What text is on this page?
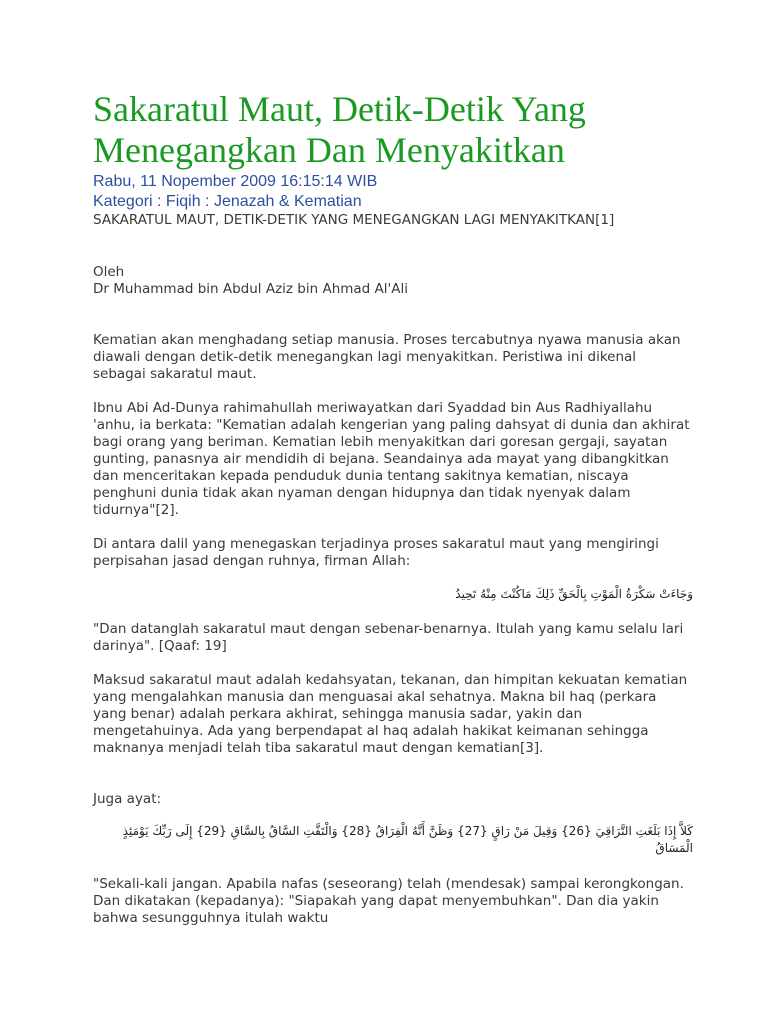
Sakaratul Maut, Detik-Detik Yang Menegangkan Dan Menyakitkan
Rabu, 11 Nopember 2009 16:15:14 WIB
Kategori : Fiqih : Jenazah & Kematian

SAKARATUL MAUT, DETIK-DETIK YANG MENEGANGKAN LAGI MENYAKITKAN[1]

Oleh

Dr Muhammad bin Abdul Aziz bin Ahmad Al'Ali

Kematian akan menghadang setiap manusia. Proses tercabutnya nyawa manusia akan diawali dengan detik-detik menegangkan lagi menyakitkan. Peristiwa ini dikenal sebagai sakaratul maut.

Ibnu Abi Ad-Dunya rahimahullah meriwayatkan dari Syaddad bin Aus Radhiyallahu 'anhu, ia berkata: "Kematian adalah kengerian yang paling dahsyat di dunia dan akhirat bagi orang yang beriman. Kematian lebih menyakitkan dari goresan gergaji, sayatan gunting, panasnya air mendidih di bejana. Seandainya ada mayat yang dibangkitkan dan menceritakan kepada penduduk dunia tentang sakitnya kematian, niscaya penghuni dunia tidak akan nyaman dengan hidupnya dan tidak nyenyak dalam tidurnya"[2].

Di antara dalil yang menegaskan terjadinya proses sakaratul maut yang mengiringi perpisahan jasad dengan ruhnya, firman Allah:

وَجَاءَتْ سَكْرَةُ الْمَوْتِ بِالْحَقِّ ذَلِكَ مَاكُنْتَ مِنْهُ تَحِيدُ

"Dan datanglah sakaratul maut dengan sebenar-benarnya. Itulah yang kamu selalu lari darinya". [Qaaf: 19]

Maksud sakaratul maut adalah kedahsyatan, tekanan, dan himpitan kekuatan kematian yang mengalahkan manusia dan menguasai akal sehatnya. Makna bil haq (perkara yang benar) adalah perkara akhirat, sehingga manusia sadar, yakin dan mengetahuinya. Ada yang berpendapat al haq adalah hakikat keimanan sehingga maknanya menjadi telah tiba sakaratul maut dengan kematian[3].

Juga ayat:

كَلاَّ إِذَا بَلَغَتِ التَّرَاقِيَ {26} وَقِيلَ مَنْ رَاقٍ {27} وَظَنَّ أَنَّهُ الْفِرَاقُ {28} وَالْتَفَّتِ السَّاقُ بِالسَّاقِ {29} إِلَى رَبِّكَ يَوْمَئِذٍ الْمَسَاقُ

"Sekali-kali jangan. Apabila nafas (seseorang) telah (mendesak) sampai kerongkongan. Dan dikatakan (kepadanya): "Siapakah yang dapat menyembuhkan". Dan dia yakin bahwa sesungguhnya itulah waktu
